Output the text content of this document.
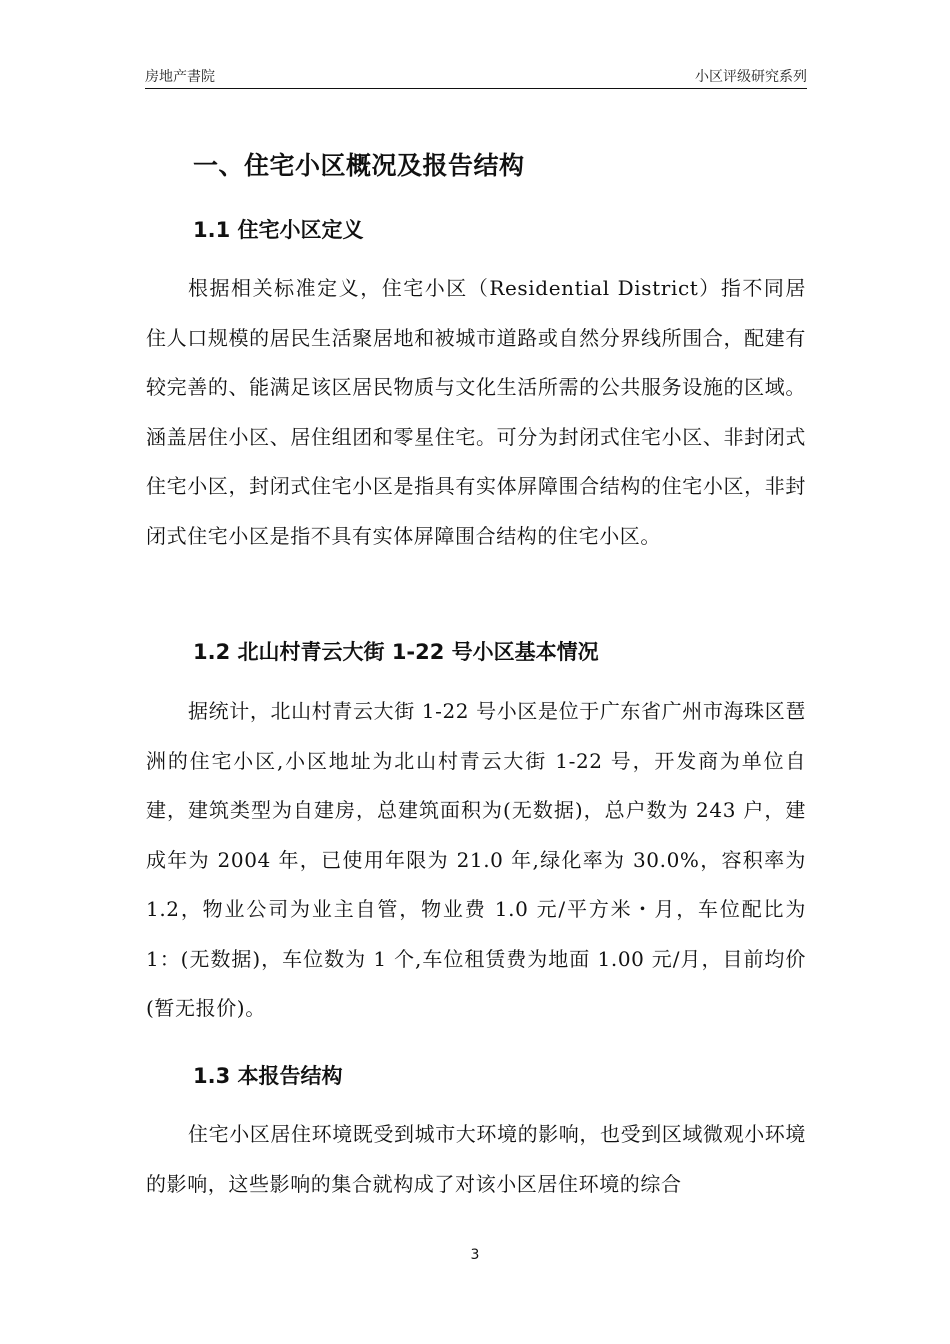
房地产書院	小区评级研究系列
一、住宅小区概况及报告结构
1.1 住宅小区定义
根据相关标准定义，住宅小区（Residential District）指不同居住人口规模的居民生活聚居地和被城市道路或自然分界线所围合，配建有较完善的、能满足该区居民物质与文化生活所需的公共服务设施的区域。涵盖居住小区、居住组团和零星住宅。可分为封闭式住宅小区、非封闭式住宅小区，封闭式住宅小区是指具有实体屏障围合结构的住宅小区，非封闭式住宅小区是指不具有实体屏障围合结构的住宅小区。
1.2 北山村青云大街 1-22 号小区基本情况
据统计，北山村青云大街 1-22 号小区是位于广东省广州市海珠区琶洲的住宅小区,小区地址为北山村青云大街 1-22 号，开发商为单位自建，建筑类型为自建房，总建筑面积为(无数据)，总户数为 243 户，建成年为 2004 年，已使用年限为 21.0 年,绿化率为 30.0%，容积率为 1.2，物业公司为业主自管，物业费 1.0 元/平方米・月，车位配比为 1：(无数据)，车位数为 1 个,车位租赁费为地面 1.00 元/月，目前均价(暂无报价)。
1.3 本报告结构
住宅小区居住环境既受到城市大环境的影响，也受到区域微观小环境的影响，这些影响的集合就构成了对该小区居住环境的综合
3
